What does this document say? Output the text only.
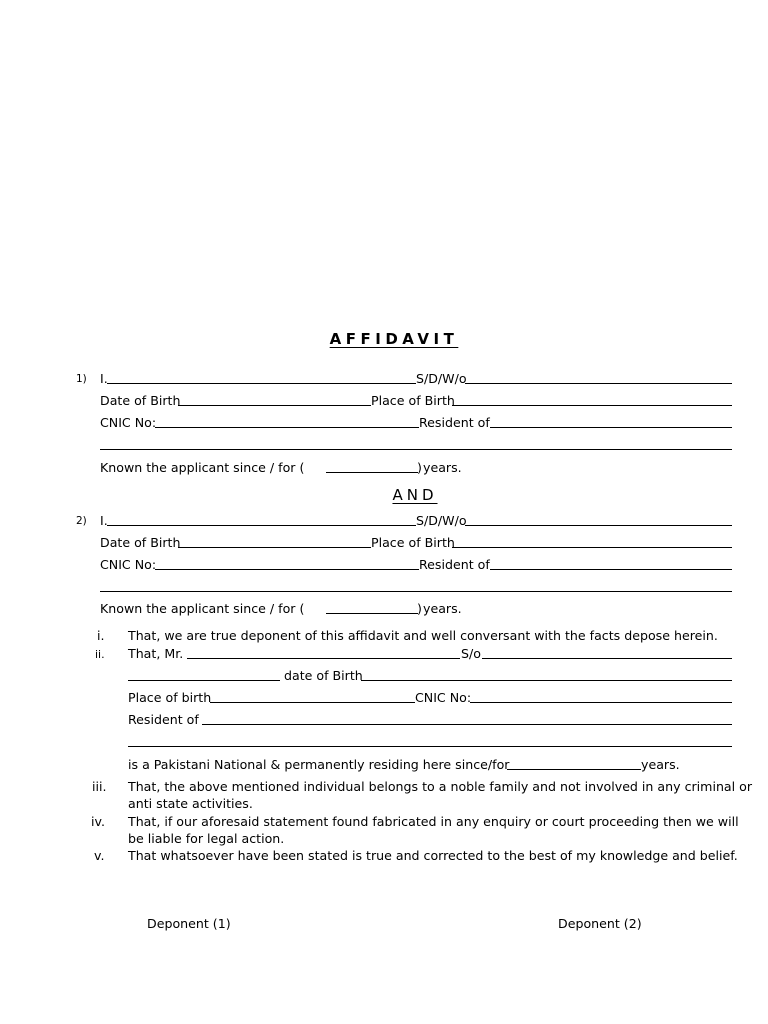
AFFIDAVIT
1) I.	S/D/W/o
Date of Birth	Place of Birth
CNIC No:	Resident of
Known the applicant since / for (	) years.
AND
2) I.	S/D/W/o
Date of Birth	Place of Birth
CNIC No:	Resident of
Known the applicant since / for (	) years.
i. That, we are true deponent of this affidavit and well conversant with the facts depose herein.
ii. That, Mr.	S/o
date of Birth
Place of birth	CNIC No:
Resident of
is a Pakistani National & permanently residing here since/for	years.
iii. That, the above mentioned individual belongs to a noble family and not involved in any criminal or
anti state activities.
iv. That, if our aforesaid statement found fabricated in any enquiry or court proceeding then we will
be liable for legal action.
v. That whatsoever have been stated is true and corrected to the best of my knowledge and belief.
Deponent (1)	Deponent (2)
